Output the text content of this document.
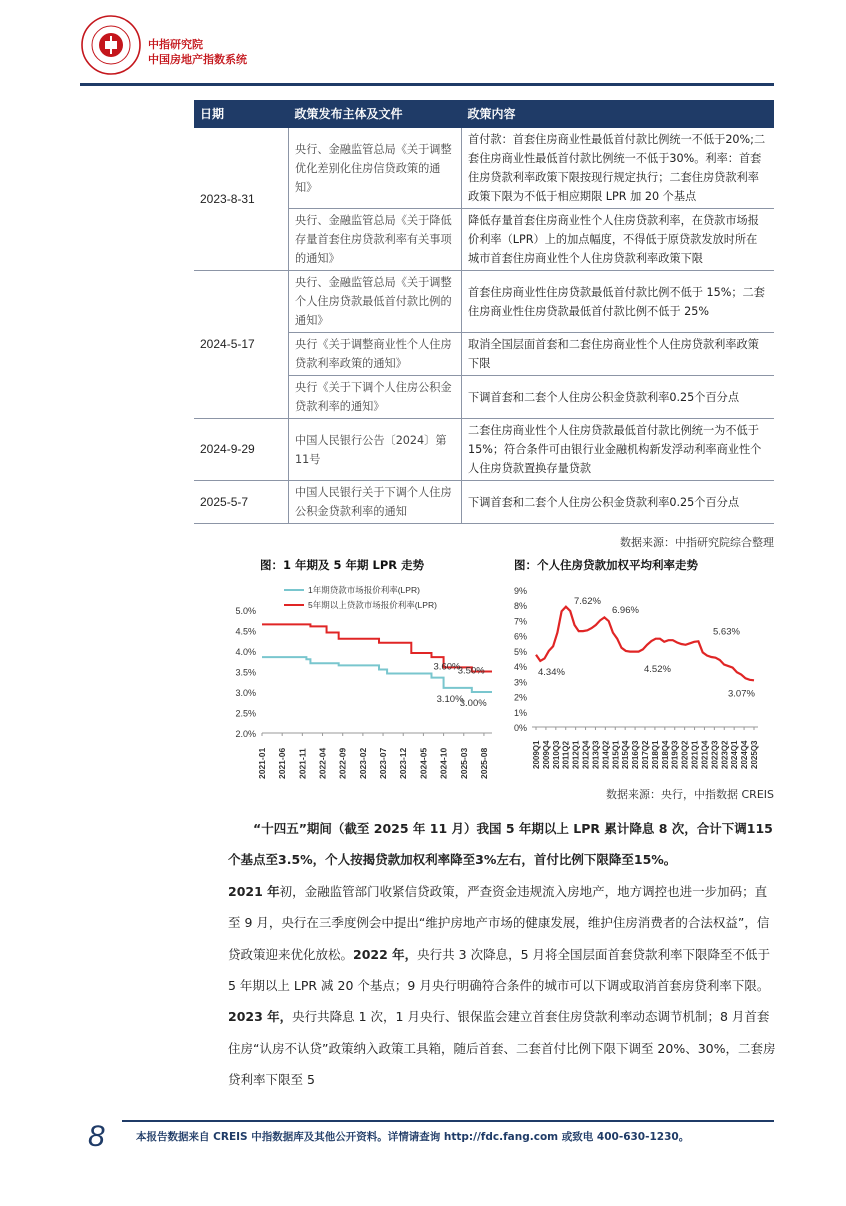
中指研究院
中国房地产指数系统
日期	政策发布主体及文件	政策内容
2023-8-31	央行、金融监管总局《关于调整优化差别化住房信贷政策的通知》	首付款：首套住房商业性最低首付款比例统一不低于20%;二套住房商业性最低首付款比例统一不低于30%。利率：首套住房贷款利率政策下限按现行规定执行；二套住房贷款利率政策下限为不低于相应期限 LPR 加 20 个基点
	央行、金融监管总局《关于降低存量首套住房贷款利率有关事项的通知》	降低存量首套住房商业性个人住房贷款利率，在贷款市场报价利率（LPR）上的加点幅度，不得低于原贷款发放时所在城市首套住房商业性个人住房贷款利率政策下限
2024-5-17	央行、金融监管总局《关于调整个人住房贷款最低首付款比例的通知》	首套住房商业性住房贷款最低首付款比例不低于 15%；二套住房商业性住房贷款最低首付款比例不低于 25%
	央行《关于调整商业性个人住房贷款利率政策的通知》	取消全国层面首套和二套住房商业性个人住房贷款利率政策下限
	央行《关于下调个人住房公积金贷款利率的通知》	下调首套和二套个人住房公积金贷款利率0.25个百分点
2024-9-29	中国人民银行公告〔2024〕第11号	二套住房商业性个人住房贷款最低首付款比例统一为不低于 15%；符合条件可由银行业金融机构新发浮动利率商业性个人住房贷款置换存量贷款
2025-5-7	中国人民银行关于下调个人住房公积金贷款利率的通知	下调首套和二套个人住房公积金贷款利率0.25个百分点
数据来源：中指研究院综合整理
图：1 年期及 5 年期 LPR 走势	图：个人住房贷款加权平均利率走势
2.0%
2.5%
3.0%
3.5%
4.0%
4.5%
5.0%
2021-01 2021-06 2021-11 2022-04 2022-09 2023-02 2023-07 2023-12 2024-05 2024-10 2025-03 2025-08
1年期贷款市场报价利率(LPR)
5年期以上贷款市场报价利率(LPR)
3.60%
3.50%
3.10%
3.00%
0%
1%
2%
3%
4%
5%
6%
7%
8%
9%
2009Q1 2009Q4 2010Q3 2011Q2 2012Q1 2012Q4 2013Q3 2014Q2 2015Q1 2015Q4 2016Q3 2017Q2 2018Q1 2018Q4 2019Q3 2020Q2 2021Q1 2021Q4 2022Q3 2023Q2 2024Q1 2024Q4 2025Q3
7.62%
6.96%
4.34%	4.52%
5.63%
3.07%
数据来源：央行，中指数据 CREIS

“十四五”期间（截至 2025 年 11 月）我国 5 年期以上 LPR 累计降息 8 次，合计下调115个基点至3.5%，个人按揭贷款加权利率降至3%左右，首付比例下限降至15%。

2021 年初，金融监管部门收紧信贷政策，严查资金违规流入房地产，地方调控也进一步加码；直至 9 月，央行在三季度例会中提出“维护房地产市场的健康发展，维护住房消费者的合法权益”，信贷政策迎来优化放松。2022 年，央行共 3 次降息，5 月将全国层面首套贷款利率下限降至不低于 5 年期以上 LPR 减 20 个基点；9 月央行明确符合条件的城市可以下调或取消首套房贷利率下限。2023 年，央行共降息 1 次，1 月央行、银保监会建立首套住房贷款利率动态调节机制；8 月首套住房“认房不认贷”政策纳入政策工具箱，随后首套、二套首付比例下限下调至 20%、30%，二套房贷利率下限至 5

8	本报告数据来自 CREIS 中指数据库及其他公开资料。详情请查询 http://fdc.fang.com 或致电 400-630-1230。
